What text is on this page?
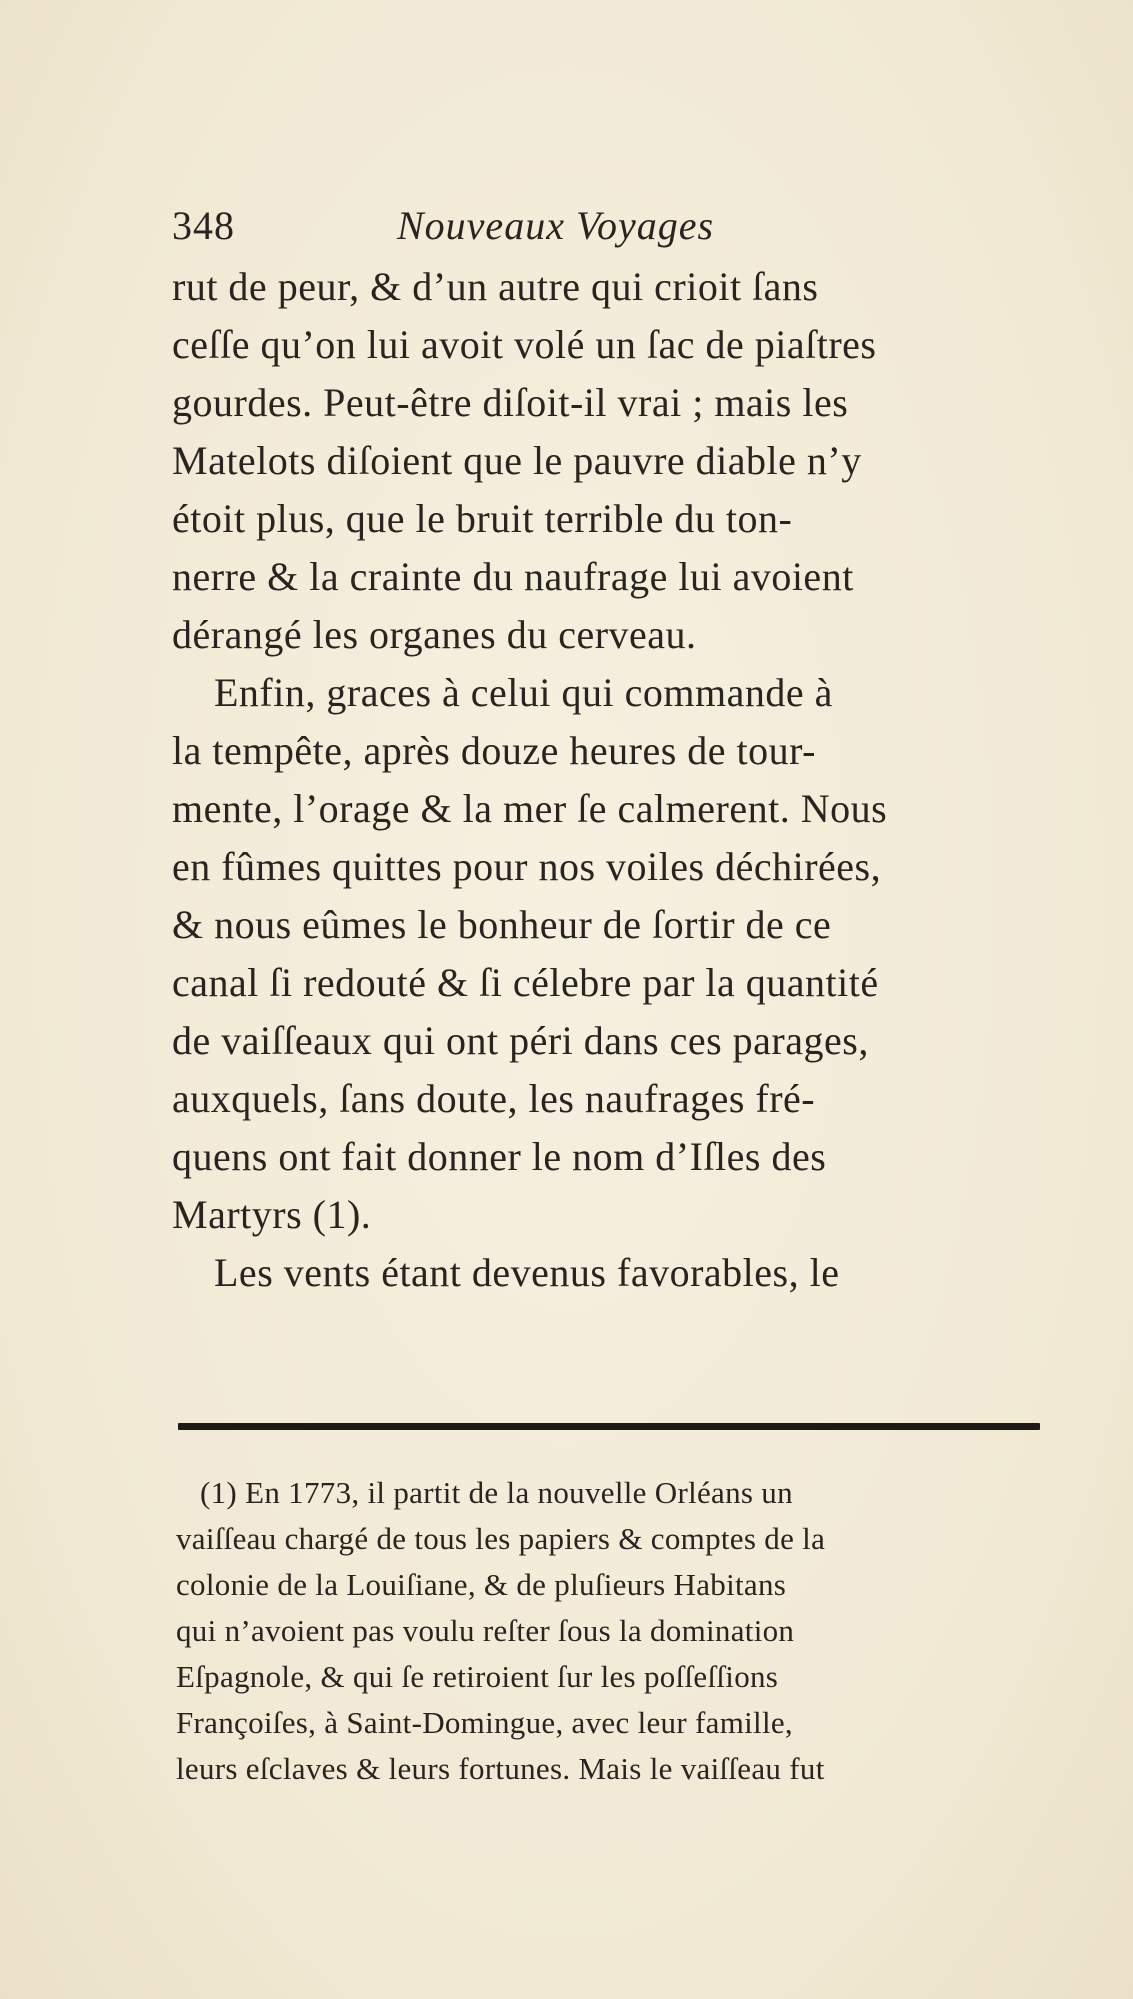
348	Nouveaux Voyages
rut de peur, & d’un autre qui crioit ſans
ceſſe qu’on lui avoit volé un ſac de piaſtres
gourdes. Peut-être diſoit-il vrai ; mais les
Matelots diſoient que le pauvre diable n’y
étoit plus, que le bruit terrible du ton-
nerre & la crainte du naufrage lui avoient
dérangé les organes du cerveau.
Enfin, graces à celui qui commande à
la tempête, après douze heures de tour-
mente, l’orage & la mer ſe calmerent. Nous
en fûmes quittes pour nos voiles déchirées,
& nous eûmes le bonheur de ſortir de ce
canal ſi redouté & ſi célebre par la quantité
de vaiſſeaux qui ont péri dans ces parages,
auxquels, ſans doute, les naufrages fré-
quens ont fait donner le nom d’Iſles des
Martyrs (1).
Les vents étant devenus favorables, le
(1) En 1773, il partit de la nouvelle Orléans un
vaiſſeau chargé de tous les papiers & comptes de la
colonie de la Louiſiane, & de pluſieurs Habitans
qui n’avoient pas voulu reſter ſous la domination
Eſpagnole, & qui ſe retiroient ſur les poſſeſſions
Françoiſes, à Saint-Domingue, avec leur famille,
leurs eſclaves & leurs fortunes. Mais le vaiſſeau fut
